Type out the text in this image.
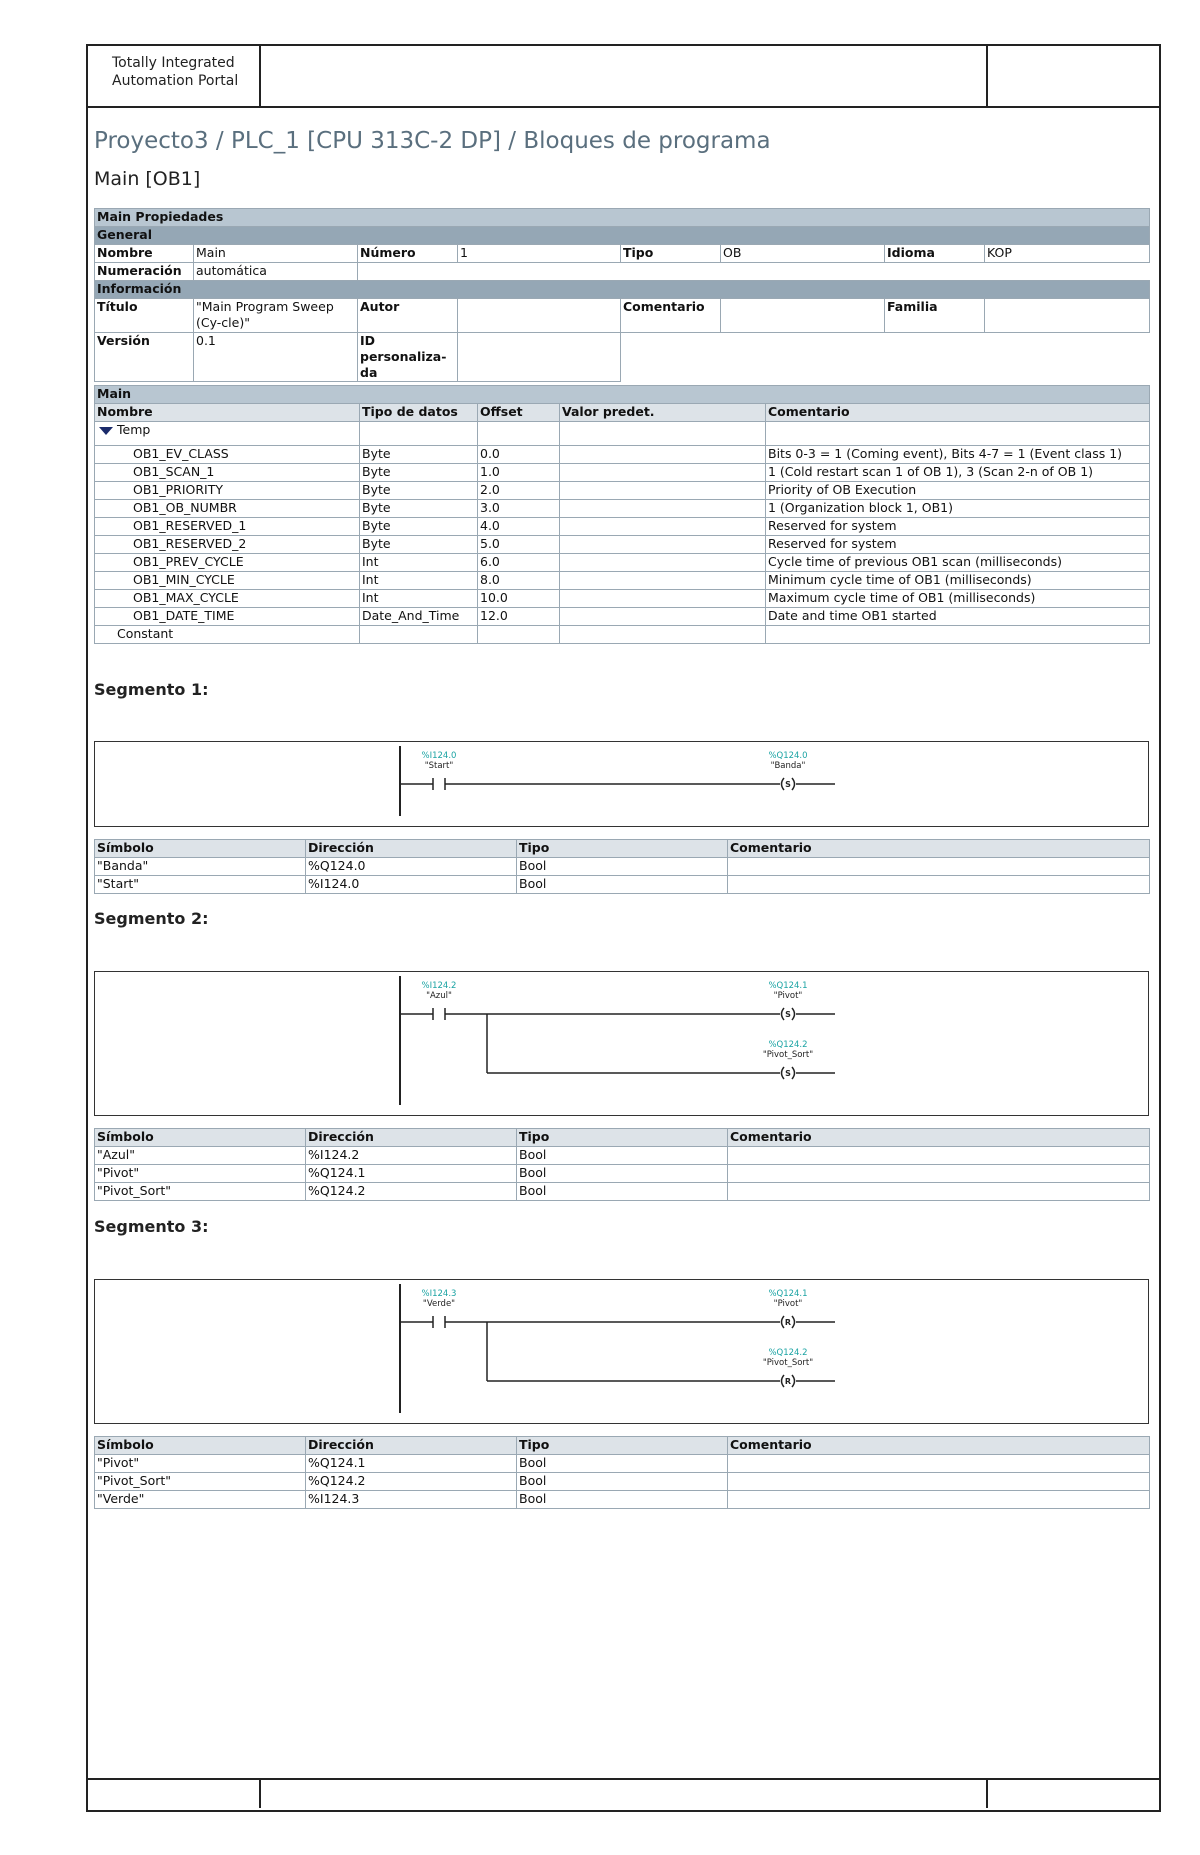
Totally Integrated
Automation Portal
Proyecto3 / PLC_1 [CPU 313C-2 DP] / Bloques de programa
Main [OB1]
Main Propiedades							
General							
Nombre	Main	Número	1	Tipo	OB	Idioma	KOP
Numeración	automática						
Información							
Título	"Main Program Sweep (Cy-cle)"	Autor		Comentario		Familia	
Versión	0.1	ID personaliza-da					
Main				
Nombre	Tipo de datos	Offset	Valor predet.	Comentario
Temp				
OB1_EV_CLASS	Byte	0.0		Bits 0-3 = 1 (Coming event), Bits 4-7 = 1 (Event class 1)
OB1_SCAN_1	Byte	1.0		1 (Cold restart scan 1 of OB 1), 3 (Scan 2-n of OB 1)
OB1_PRIORITY	Byte	2.0		Priority of OB Execution
OB1_OB_NUMBR	Byte	3.0		1 (Organization block 1, OB1)
OB1_RESERVED_1	Byte	4.0		Reserved for system
OB1_RESERVED_2	Byte	5.0		Reserved for system
OB1_PREV_CYCLE	Int	6.0		Cycle time of previous OB1 scan (milliseconds)
OB1_MIN_CYCLE	Int	8.0		Minimum cycle time of OB1 (milliseconds)
OB1_MAX_CYCLE	Int	10.0		Maximum cycle time of OB1 (milliseconds)
OB1_DATE_TIME	Date_And_Time	12.0		Date and time OB1 started
Constant				
Segmento 1:
%I124.0
"Start"
S
%Q124.0
"Banda"
Símbolo	Dirección	Tipo	Comentario
"Banda"	%Q124.0	Bool	
"Start"	%I124.0	Bool	
Segmento 2:
%I124.2
"Azul"
S
%Q124.1
"Pivot"
S
%Q124.2
"Pivot_Sort"
Símbolo	Dirección	Tipo	Comentario
"Azul"	%I124.2	Bool	
"Pivot"	%Q124.1	Bool	
"Pivot_Sort"	%Q124.2	Bool	
Segmento 3:
%I124.3
"Verde"
R
%Q124.1
"Pivot"
R
%Q124.2
"Pivot_Sort"
Símbolo	Dirección	Tipo	Comentario
"Pivot"	%Q124.1	Bool	
"Pivot_Sort"	%Q124.2	Bool	
"Verde"	%I124.3	Bool	
